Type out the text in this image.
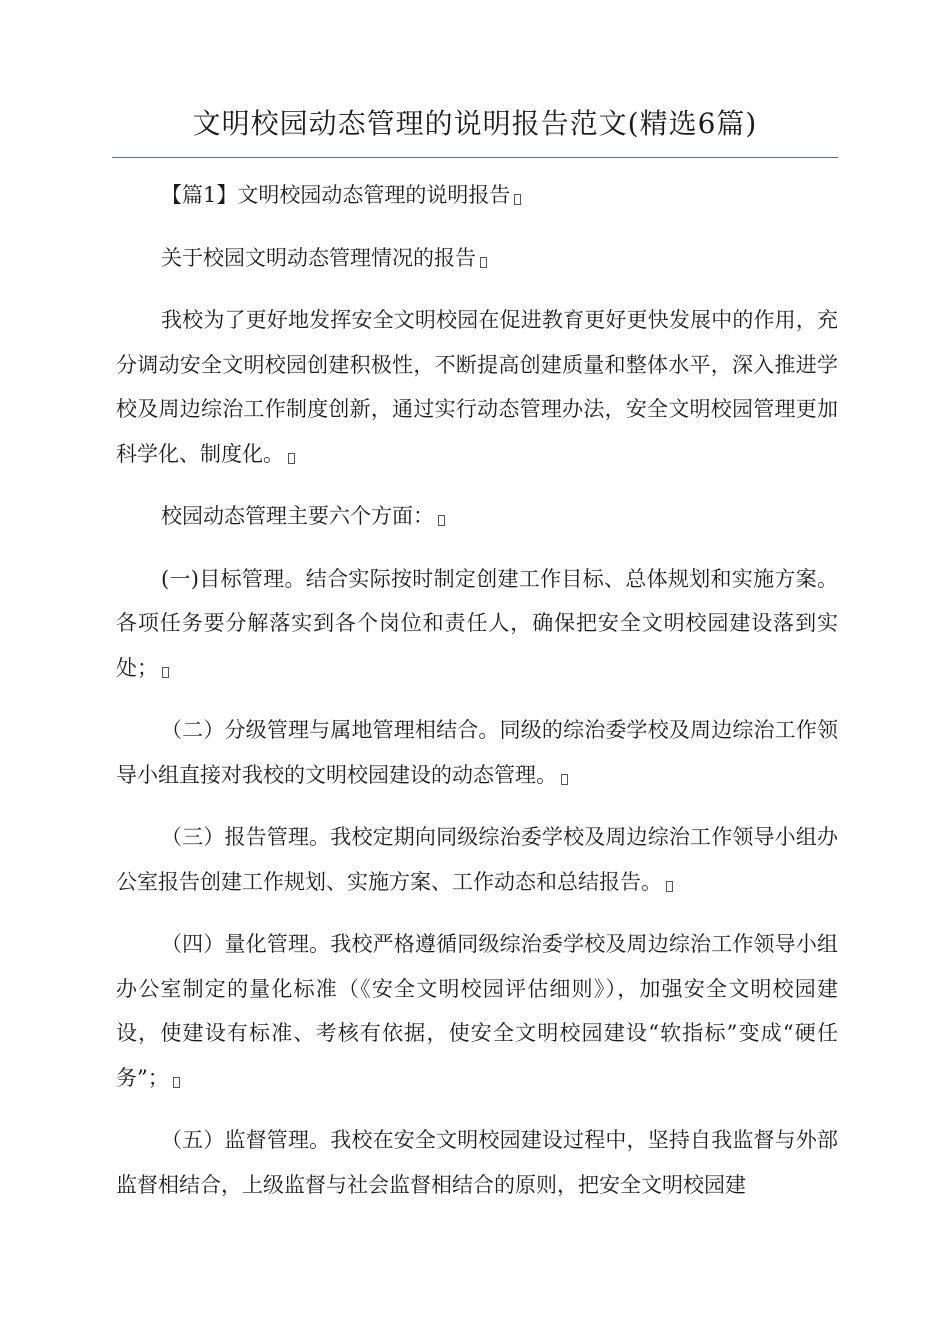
文明校园动态管理的说明报告范文(精选6篇)

【篇1】文明校园动态管理的说明报告

关于校园文明动态管理情况的报告

我校为了更好地发挥安全文明校园在促进教育更好更快发展中的作用，充分调动安全文明校园创建积极性，不断提高创建质量和整体水平，深入推进学校及周边综治工作制度创新，通过实行动态管理办法，安全文明校园管理更加科学化、制度化。

校园动态管理主要六个方面：

(一)目标管理。结合实际按时制定创建工作目标、总体规划和实施方案。各项任务要分解落实到各个岗位和责任人，确保把安全文明校园建设落到实处；

（二）分级管理与属地管理相结合。同级的综治委学校及周边综治工作领导小组直接对我校的文明校园建设的动态管理。

（三）报告管理。我校定期向同级综治委学校及周边综治工作领导小组办公室报告创建工作规划、实施方案、工作动态和总结报告。

（四）量化管理。我校严格遵循同级综治委学校及周边综治工作领导小组办公室制定的量化标准（《安全文明校园评估细则》），加强安全文明校园建设，使建设有标准、考核有依据，使安全文明校园建设“软指标”变成“硬任务”；

（五）监督管理。我校在安全文明校园建设过程中，坚持自我监督与外部监督相结合，上级监督与社会监督相结合的原则，把安全文明校园建
